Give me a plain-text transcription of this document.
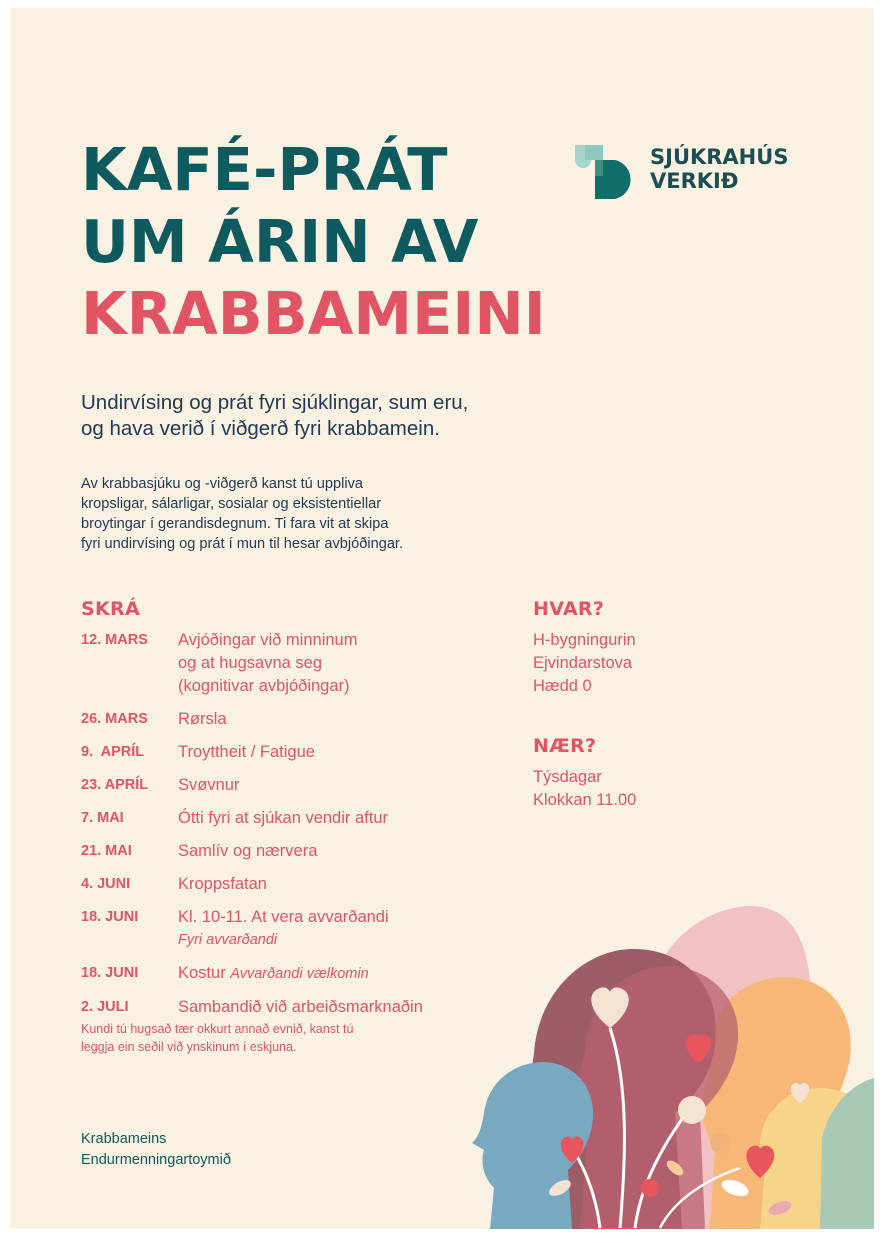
KAFÉ-PRÁT
UM ÁRIN AV
KRABBAMEINI
SJÚKRAHÚS
VERKIÐ
Undirvísing og prát fyri sjúklingar, sum eru,
og hava verið í viðgerð fyri krabbamein.
Av krabbasjúku og -viðgerð kanst tú uppliva
kropsligar, sálarligar, sosialar og eksistentiellar
broytingar í gerandisdegnum. Ti fara vit at skipa
fyri undirvísing og prát í mun til hesar avbjóðingar.
SKRÁ
12. MARS	Avjóðingar við minninum
og at hugsavna seg
(kognitivar avbjóðingar)
26. MARS	Rørsla
9.  APRÍL	Troyttheit / Fatigue
23. APRÍL	Svøvnur
7. MAI	Ótti fyri at sjúkan vendir aftur
21. MAI	Samlív og nærvera
4. JUNI	Kroppsfatan
18. JUNI	Kl. 10-11. At vera avvarðandi
Fyri avvarðandi
18. JUNI	Kostur Avvarðandi vælkomin
2. JULI	Sambandið við arbeiðsmarknaðin
HVAR?
H-bygningurin
Ejvindarstova
Hædd 0
NÆR?
Týsdagar
Klokkan 11.00
Kundi tú hugsað tær okkurt annað evnið, kanst tú
leggja ein seðil við ynskinum í eskjuna.
Krabbameins
Endurmenningartoymið
